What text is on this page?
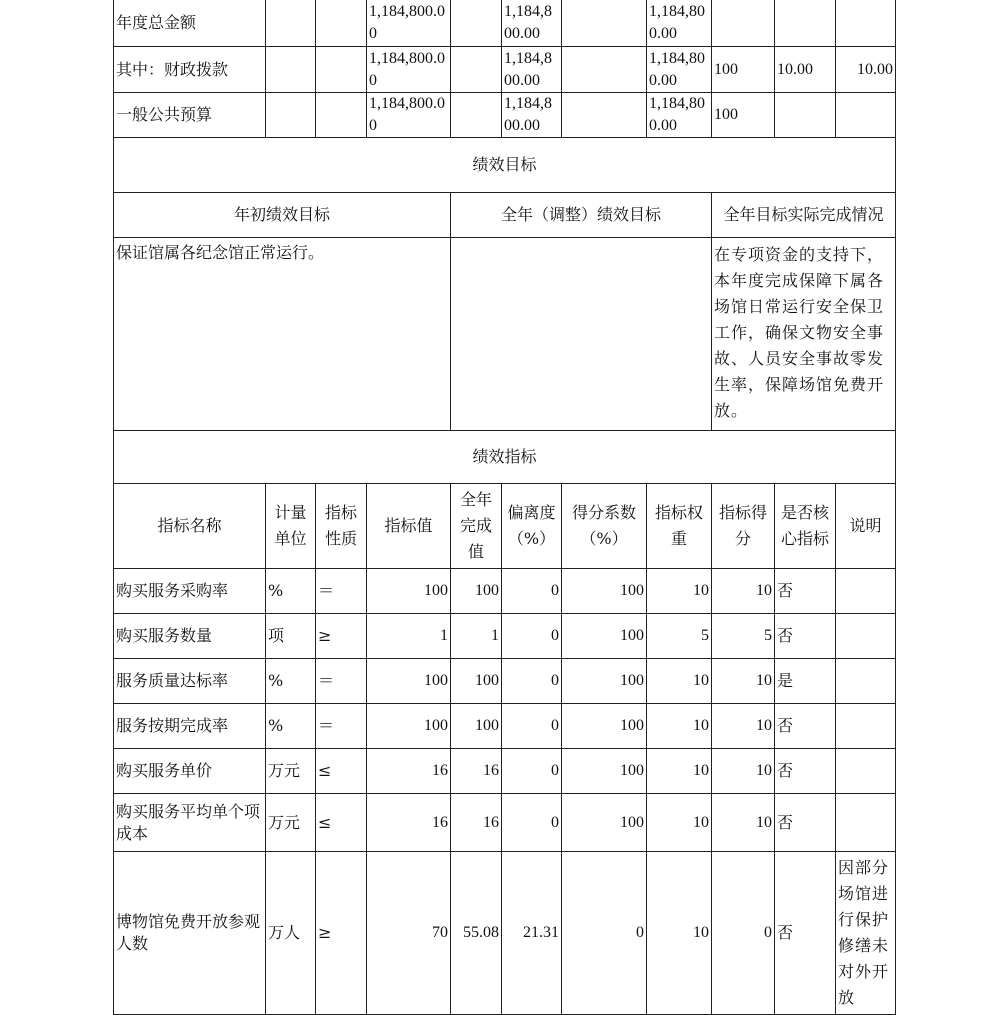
年度总金额			1,184,800.00		1,184,800.00		1,184,800.00			
其中：财政拨款			1,184,800.00		1,184,800.00		1,184,800.00	100	10.00	10.00
一般公共预算			1,184,800.00		1,184,800.00		1,184,800.00	100		
绩效目标										
年初绩效目标				全年（调整）绩效目标				全年目标实际完成情况		
保证馆属各纪念馆正常运行。								在专项资金的支持下，本年度完成保障下属各场馆日常运行安全保卫工作，确保文物安全事故、人员安全事故零发生率，保障场馆免费开放。		
绩效指标										
指标名称	计量单位	指标性质	指标值	全年完成值	偏离度（%）	得分系数（%）	指标权重	指标得分	是否核心指标	说明
购买服务采购率	%	＝	100	100	0	100	10	10	否	
购买服务数量	项	≥	1	1	0	100	5	5	否	
服务质量达标率	%	＝	100	100	0	100	10	10	是	
服务按期完成率	%	＝	100	100	0	100	10	10	否	
购买服务单价	万元	≤	16	16	0	100	10	10	否	
购买服务平均单个项成本	万元	≤	16	16	0	100	10	10	否	
博物馆免费开放参观人数	万人	≥	70	55.08	21.31	0	10	0	否	因部分场馆进行保护修缮未对外开放
